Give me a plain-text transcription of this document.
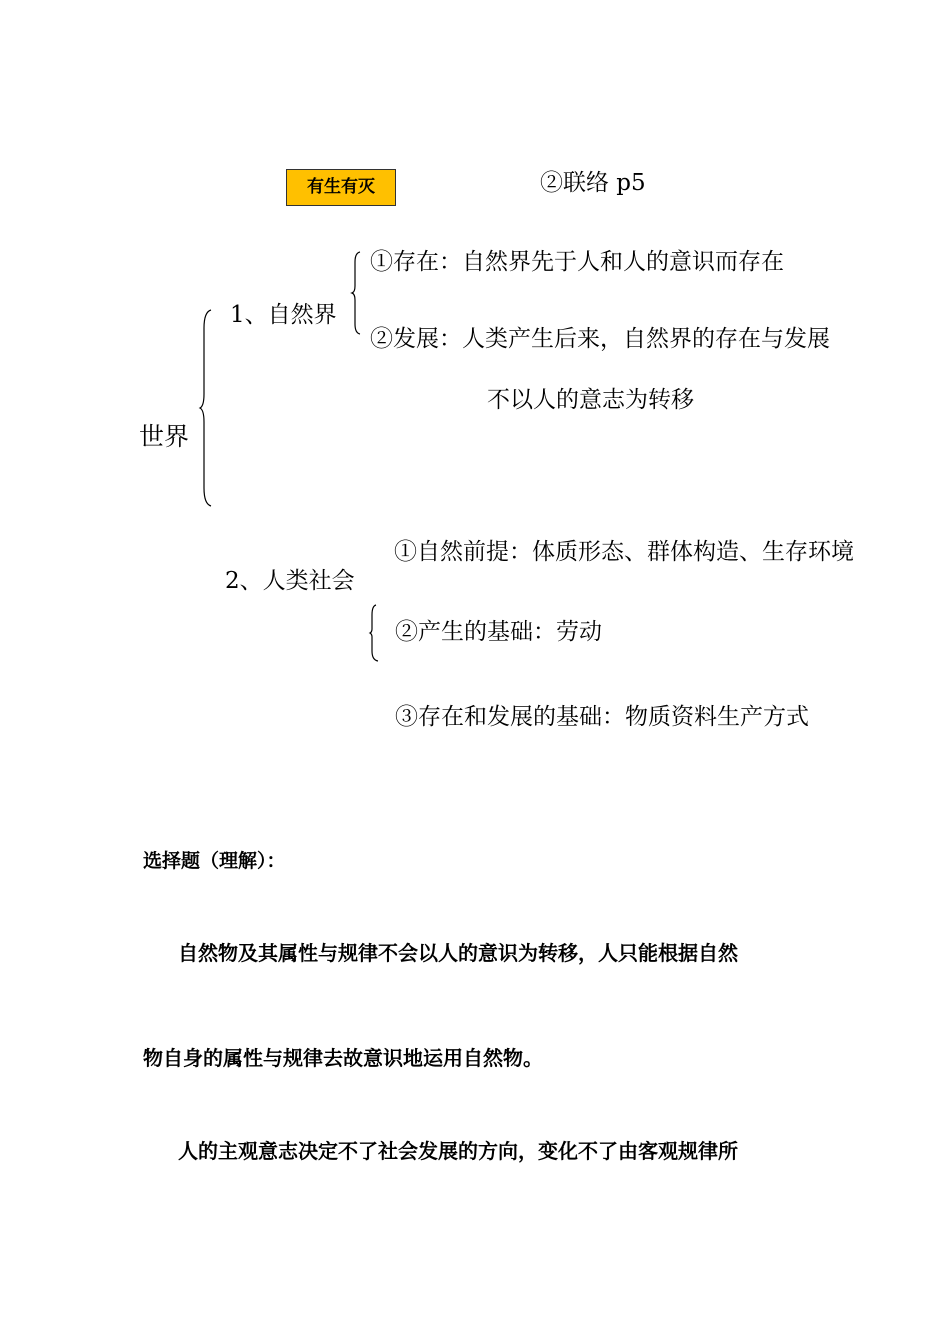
有生有灭	②联络 p5
世界
1、自然界
①存在：自然界先于人和人的意识而存在
②发展：人类产生后来，自然界的存在与发展
不以人的意志为转移
2、人类社会
①自然前提：体质形态、群体构造、生存环境
②产生的基础：劳动
③存在和发展的基础：物质资料生产方式
选择题（理解）：
自然物及其属性与规律不会以人的意识为转移，人只能根据自然
物自身的属性与规律去故意识地运用自然物。
人的主观意志决定不了社会发展的方向，变化不了由客观规律所
